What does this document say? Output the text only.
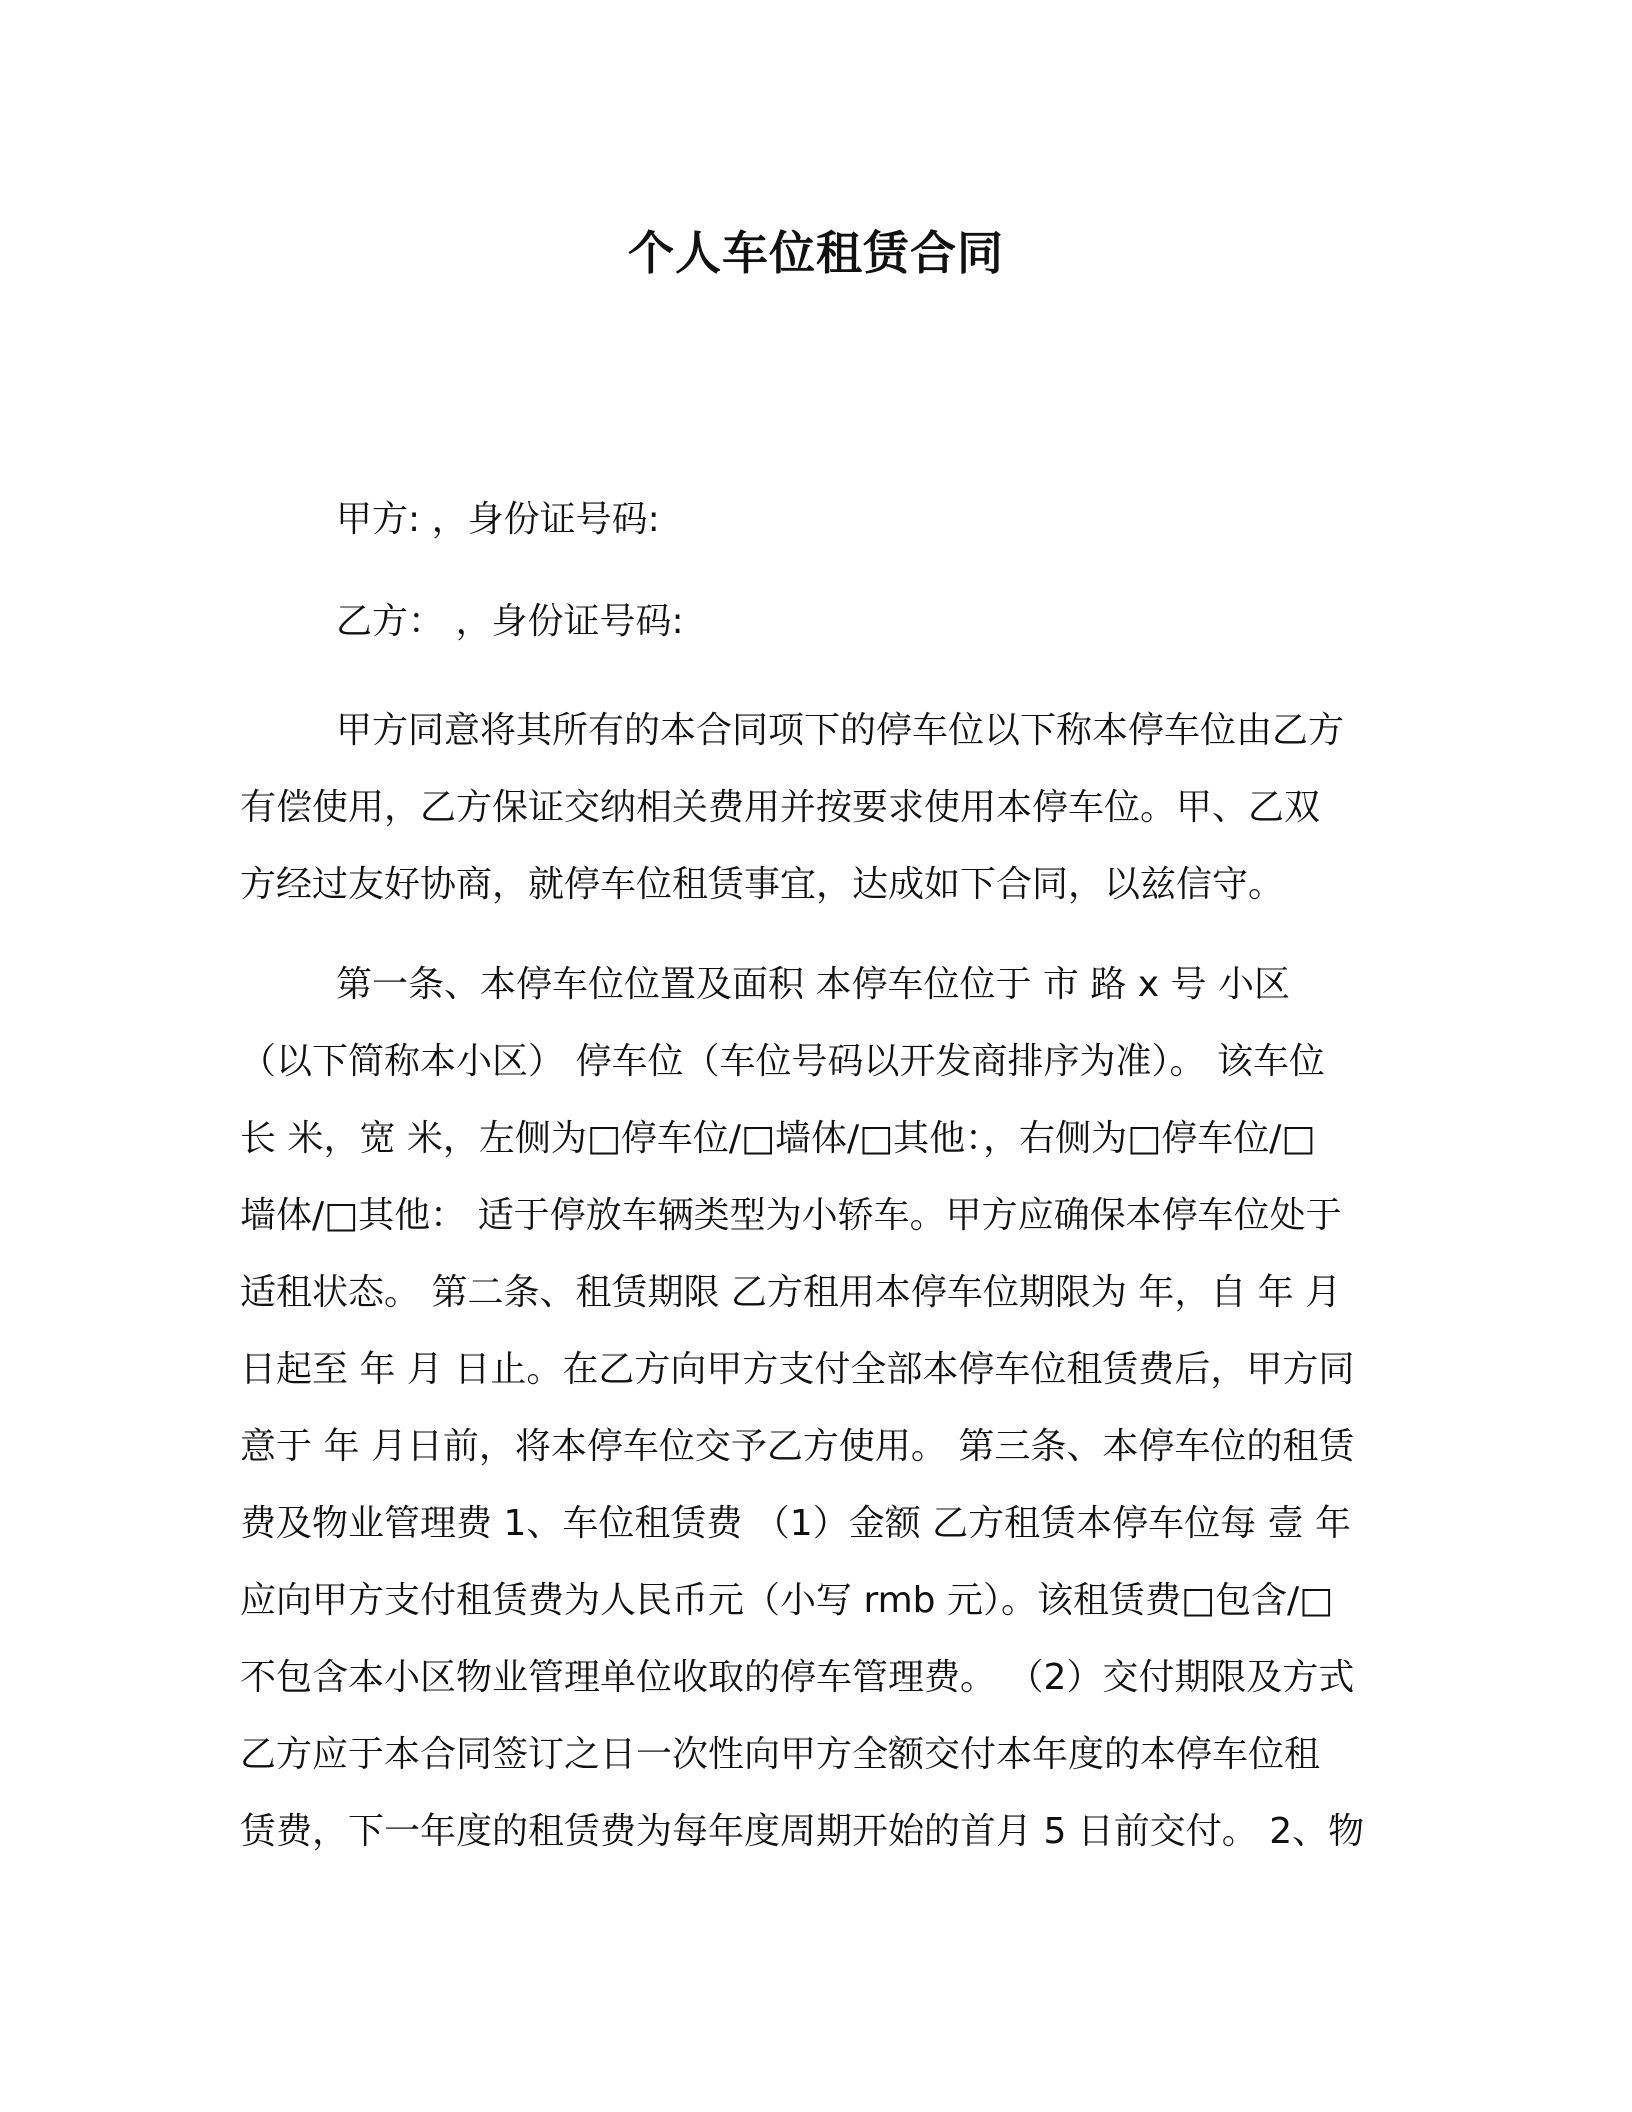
个人车位租赁合同
甲方: ，身份证号码:
乙方： ，身份证号码:
甲方同意将其所有的本合同项下的停车位以下称本停车位由乙方
有偿使用，乙方保证交纳相关费用并按要求使用本停车位。甲、乙双
方经过友好协商，就停车位租赁事宜，达成如下合同，以兹信守。
第一条、本停车位位置及面积 本停车位位于 市 路 x 号 小区
（以下简称本小区） 停车位（车位号码以开发商排序为准）。 该车位
长 米，宽 米，左侧为□停车位/□墙体/□其他：，右侧为□停车位/□
墙体/□其他： 适于停放车辆类型为小轿车。甲方应确保本停车位处于
适租状态。 第二条、租赁期限 乙方租用本停车位期限为 年，自 年 月
日起至 年 月 日止。在乙方向甲方支付全部本停车位租赁费后，甲方同
意于 年 月日前，将本停车位交予乙方使用。 第三条、本停车位的租赁
费及物业管理费 1、车位租赁费 （1）金额 乙方租赁本停车位每 壹 年
应向甲方支付租赁费为人民币元（小写 rmb 元）。该租赁费□包含/□
不包含本小区物业管理单位收取的停车管理费。 （2）交付期限及方式
乙方应于本合同签订之日一次性向甲方全额交付本年度的本停车位租
赁费，下一年度的租赁费为每年度周期开始的首月 5 日前交付。 2、物
